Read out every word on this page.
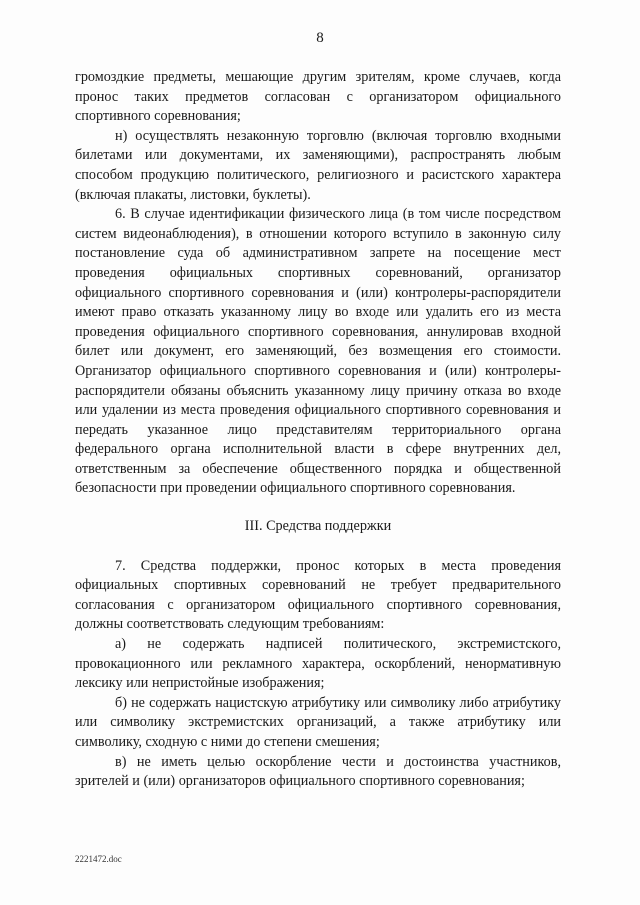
8

громоздкие предметы, мешающие другим зрителям, кроме случаев, когда пронос таких предметов согласован с организатором официального спортивного соревнования;

н) осуществлять незаконную торговлю (включая торговлю входными билетами или документами, их заменяющими), распространять любым способом продукцию политического, религиозного и расистского характера (включая плакаты, листовки, буклеты).

6. В случае идентификации физического лица (в том числе посредством систем видеонаблюдения), в отношении которого вступило в законную силу постановление суда об административном запрете на посещение мест проведения официальных спортивных соревнований, организатор официального спортивного соревнования и (или) контролеры-распорядители имеют право отказать указанному лицу во входе или удалить его из места проведения официального спортивного соревнования, аннулировав входной билет или документ, его заменяющий, без возмещения его стоимости. Организатор официального спортивного соревнования и (или) контролеры-распорядители обязаны объяснить указанному лицу причину отказа во входе или удалении из места проведения официального спортивного соревнования и передать указанное лицо представителям территориального органа федерального органа исполнительной власти в сфере внутренних дел, ответственным за обеспечение общественного порядка и общественной безопасности при проведении официального спортивного соревнования.

III. Средства поддержки

7. Средства поддержки, пронос которых в места проведения официальных спортивных соревнований не требует предварительного согласования с организатором официального спортивного соревнования, должны соответствовать следующим требованиям:

а) не содержать надписей политического, экстремистского, провокационного или рекламного характера, оскорблений, ненормативную лексику или непристойные изображения;

б) не содержать нацистскую атрибутику или символику либо атрибутику или символику экстремистских организаций, а также атрибутику или символику, сходную с ними до степени смешения;

в) не иметь целью оскорбление чести и достоинства участников, зрителей и (или) организаторов официального спортивного соревнования;

2221472.doc
